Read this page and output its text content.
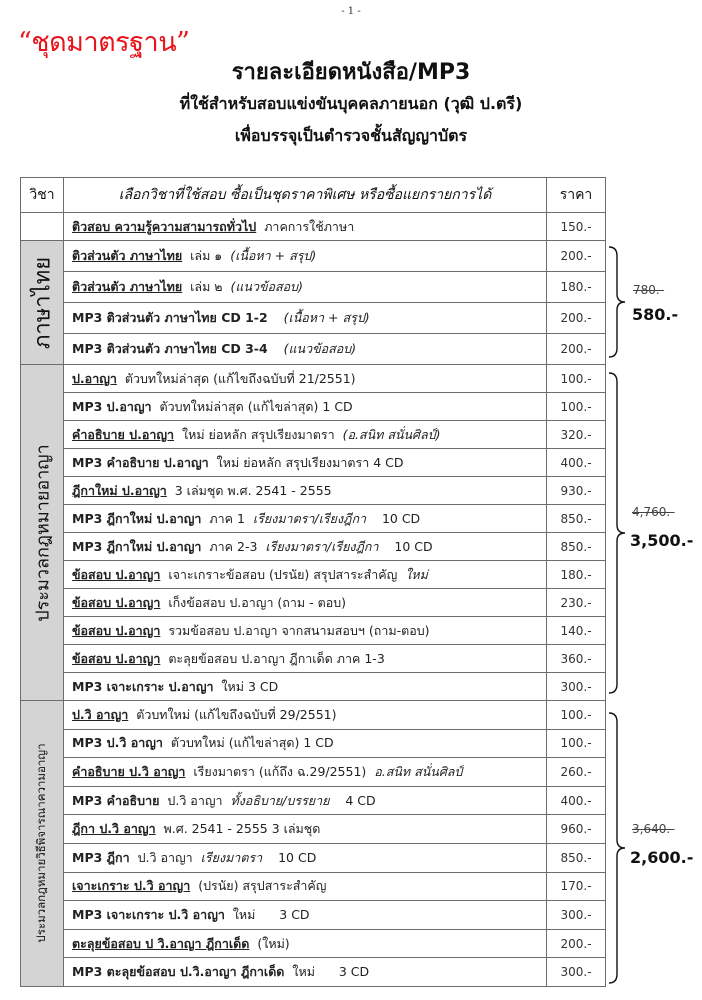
- 1 -
“ชุดมาตรฐาน”
รายละเอียดหนังสือ/MP3
ที่ใช้สำหรับสอบแข่งขันบุคคลภายนอก (วุฒิ ป.ตรี)
เพื่อบรรจุเป็นตำรวจชั้นสัญญาบัตร
วิชา	เลือกวิชาที่ใช้สอบ ซื้อเป็นชุดราคาพิเศษ หรือซื้อแยกรายการได้	ราคา
	ติวสอบ ความรู้ความสามารถทั่วไป ภาคการใช้ภาษา	150.-

ภาษาไทย	ติวส่วนตัว ภาษาไทย เล่ม ๑ (เนื้อหา + สรุป)	200.-
	ติวส่วนตัว ภาษาไทย เล่ม ๒ (แนวข้อสอบ)	180.-
	MP3 ติวส่วนตัว ภาษาไทย CD 1-2 (เนื้อหา + สรุป)	200.-
	MP3 ติวส่วนตัว ภาษาไทย CD 3-4 (แนวข้อสอบ)	200.-

ประมวลกฎหมายอาญา	ป.อาญา ตัวบทใหม่ล่าสุด (แก้ไขถึงฉบับที่ 21/2551)	100.-
	MP3 ป.อาญา ตัวบทใหม่ล่าสุด (แก้ไขล่าสุด) 1 CD	100.-
	คำอธิบาย ป.อาญา ใหม่ ย่อหลัก สรุปเรียงมาตรา (อ.สนิท สนั่นศิลป์)	320.-
	MP3 คำอธิบาย ป.อาญา ใหม่ ย่อหลัก สรุปเรียงมาตรา 4 CD	400.-
	ฎีกาใหม่ ป.อาญา 3 เล่มชุด พ.ศ. 2541 - 2555	930.-
	MP3 ฎีกาใหม่ ป.อาญา ภาค 1 เรียงมาตรา/เรียงฎีกา 10 CD	850.-
	MP3 ฎีกาใหม่ ป.อาญา ภาค 2-3 เรียงมาตรา/เรียงฎีกา 10 CD	850.-
	ข้อสอบ ป.อาญา เจาะเกราะข้อสอบ (ปรนัย) สรุปสาระสำคัญ ใหม่	180.-
	ข้อสอบ ป.อาญา เก็งข้อสอบ ป.อาญา (ถาม - ตอบ)	230.-
	ข้อสอบ ป.อาญา รวมข้อสอบ ป.อาญา จากสนามสอบฯ (ถาม-ตอบ)	140.-
	ข้อสอบ ป.อาญา ตะลุยข้อสอบ ป.อาญา ฎีกาเด็ด ภาค 1-3	360.-
	MP3 เจาะเกราะ ป.อาญา ใหม่ 3 CD	300.-

ประมวลกฎหมายวิธีพิจารณาความอาญา	ป.วิ อาญา ตัวบทใหม่ (แก้ไขถึงฉบับที่ 29/2551)	100.-
	MP3 ป.วิ อาญา ตัวบทใหม่ (แก้ไขล่าสุด) 1 CD	100.-
	คำอธิบาย ป.วิ อาญา เรียงมาตรา (แก้ถึง ฉ.29/2551) อ.สนิท สนั่นศิลป์	260.-
	MP3 คำอธิบาย ป.วิ อาญา ทั้งอธิบาย/บรรยาย 4 CD	400.-
	ฎีกา ป.วิ อาญา พ.ศ. 2541 - 2555 3 เล่มชุด	960.-
	MP3 ฎีกา ป.วิ อาญา เรียงมาตรา 10 CD	850.-
	เจาะเกราะ ป.วิ อาญา (ปรนัย) สรุปสาระสำคัญ	170.-
	MP3 เจาะเกราะ ป.วิ อาญา ใหม่ 3 CD	300.-
	ตะลุยข้อสอบ ป วิ.อาญา ฎีกาเด็ด (ใหม่)	200.-
	MP3 ตะลุยข้อสอบ ป.วิ.อาญา ฎีกาเด็ด ใหม่ 3 CD	300.-
780.-
580.-
4,760.-
3,500.-
3,640.-
2,600.-
